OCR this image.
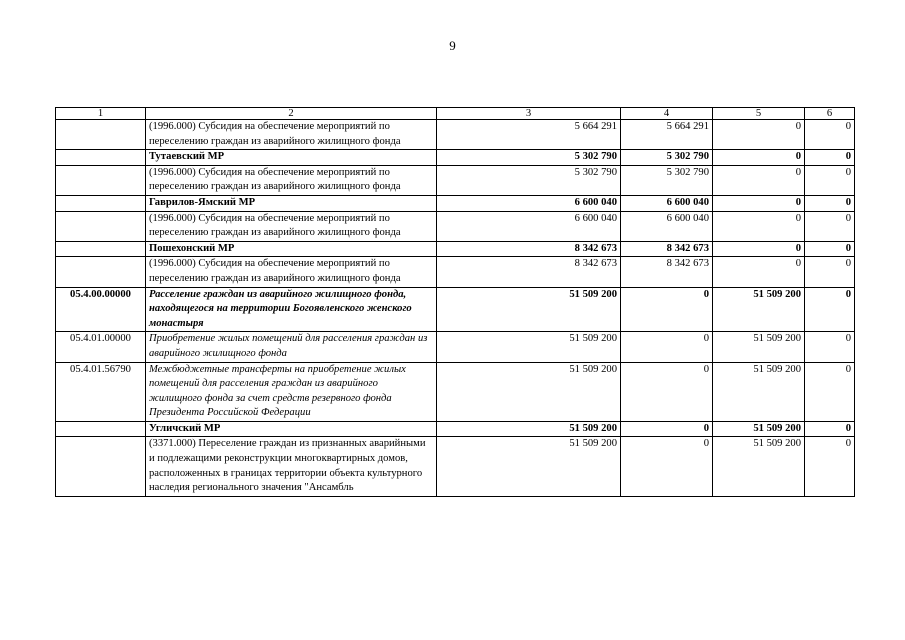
9
1	2	3	4	5	6
	(1996.000) Субсидия на обеспечение мероприятий по переселению граждан из аварийного жилищного фонда	5 664 291	5 664 291	0	0
	Тутаевский МР	5 302 790	5 302 790	0	0
	(1996.000) Субсидия на обеспечение мероприятий по переселению граждан из аварийного жилищного фонда	5 302 790	5 302 790	0	0
	Гаврилов-Ямский МР	6 600 040	6 600 040	0	0
	(1996.000) Субсидия на обеспечение мероприятий по переселению граждан из аварийного жилищного фонда	6 600 040	6 600 040	0	0
	Пошехонский МР	8 342 673	8 342 673	0	0
	(1996.000) Субсидия на обеспечение мероприятий по переселению граждан из аварийного жилищного фонда	8 342 673	8 342 673	0	0
05.4.00.00000	Расселение граждан из аварийного жилищного фонда, находящегося на территории Богоявленского женского монастыря	51 509 200	0	51 509 200	0
05.4.01.00000	Приобретение жилых помещений для расселения граждан из аварийного жилищного фонда	51 509 200	0	51 509 200	0
05.4.01.56790	Межбюджетные трансферты на приобретение жилых помещений для расселения граждан из аварийного жилищного фонда за счет средств резервного фонда Президента Российской Федерации	51 509 200	0	51 509 200	0
	Угличский МР	51 509 200	0	51 509 200	0
	(3371.000) Переселение граждан из признанных аварийными и подлежащими реконструкции многоквартирных домов, расположенных в границах территории объекта культурного наследия регионального значения "Ансамбль	51 509 200	0	51 509 200	0
